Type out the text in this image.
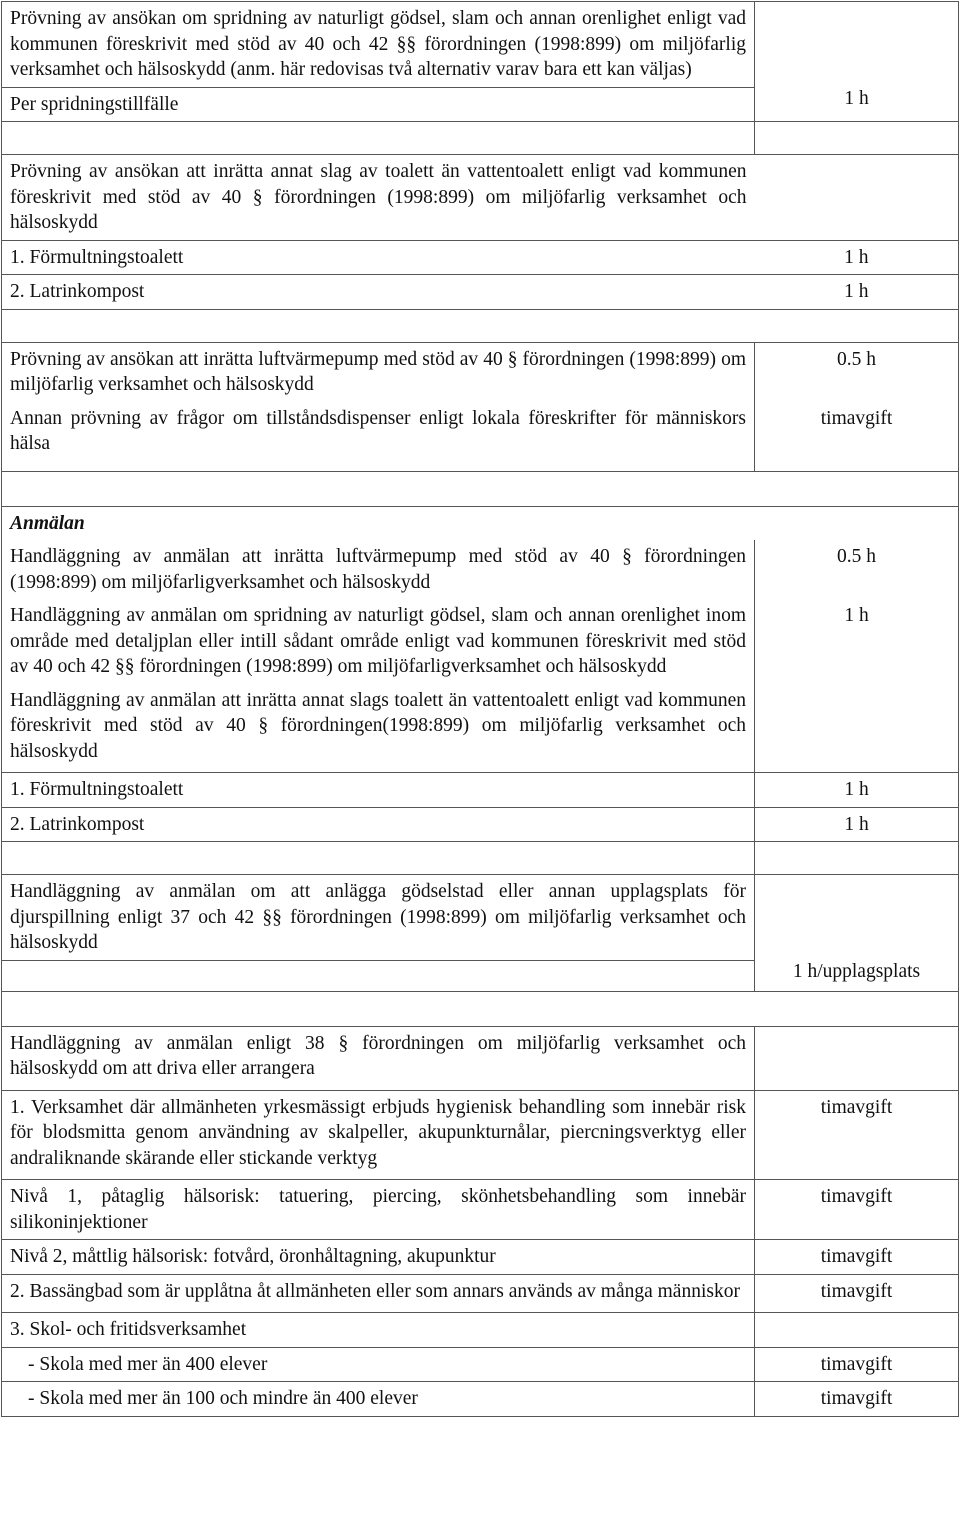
Prövning av ansökan om spridning av naturligt gödsel, slam och annan orenlighet enligt vad kommunen föreskrivit med stöd av 40 och 42 §§ förordningen (1998:899) om miljöfarlig verksamhet och hälsoskydd (anm. här redovisas två alternativ varav bara ett kan väljas)	1 h
Per spridningstillfälle	

Prövning av ansökan att inrätta annat slag av toalett än vattentoalett enligt vad kommunen föreskrivit med stöd av 40 § förordningen (1998:899) om miljöfarlig verksamhet och hälsoskydd	
1. Förmultningstoalett	1 h
2. Latrinkompost	1 h

Prövning av ansökan att inrätta luftvärmepump med stöd av 40 § förordningen (1998:899) om miljöfarlig verksamhet och hälsoskydd	0.5 h
Annan prövning av frågor om tillståndsdispenser enligt lokala föreskrifter för människors hälsa	timavgift

Anmälan	
Handläggning av anmälan att inrätta luftvärmepump med stöd av 40 § förordningen (1998:899) om miljöfarligverksamhet och hälsoskydd	0.5 h
Handläggning av anmälan om spridning av naturligt gödsel, slam och annan orenlighet inom område med detaljplan eller intill sådant område enligt vad kommunen föreskrivit med stöd av 40 och 42 §§ förordningen (1998:899) om miljöfarligverksamhet och hälsoskydd	1 h
Handläggning av anmälan att inrätta annat slags toalett än vattentoalett enligt vad kommunen föreskrivit med stöd av 40 § förordningen(1998:899) om miljöfarlig verksamhet och hälsoskydd	
1. Förmultningstoalett	1 h
2. Latrinkompost	1 h

Handläggning av anmälan om att anlägga gödselstad eller annan upplagsplats för djurspillning enligt 37 och 42 §§ förordningen (1998:899) om miljöfarlig verksamhet och hälsoskydd	1 h/upplagsplats

Handläggning av anmälan enligt 38 § förordningen om miljöfarlig verksamhet och hälsoskydd om att driva eller arrangera	
1. Verksamhet där allmänheten yrkesmässigt erbjuds hygienisk behandling som innebär risk för blodsmitta genom användning av skalpeller, akupunkturnålar, piercningsverktyg eller andraliknande skärande eller stickande verktyg	timavgift
Nivå 1, påtaglig hälsorisk: tatuering, piercing, skönhetsbehandling som innebär silikoninjektioner	timavgift
Nivå 2, måttlig hälsorisk: fotvård, öronhåltagning, akupunktur	timavgift
2. Bassängbad som är upplåtna åt allmänheten eller som annars används av många människor	timavgift
3. Skol- och fritidsverksamhet	
- Skola med mer än 400 elever	timavgift
- Skola med mer än 100 och mindre än 400 elever	timavgift
